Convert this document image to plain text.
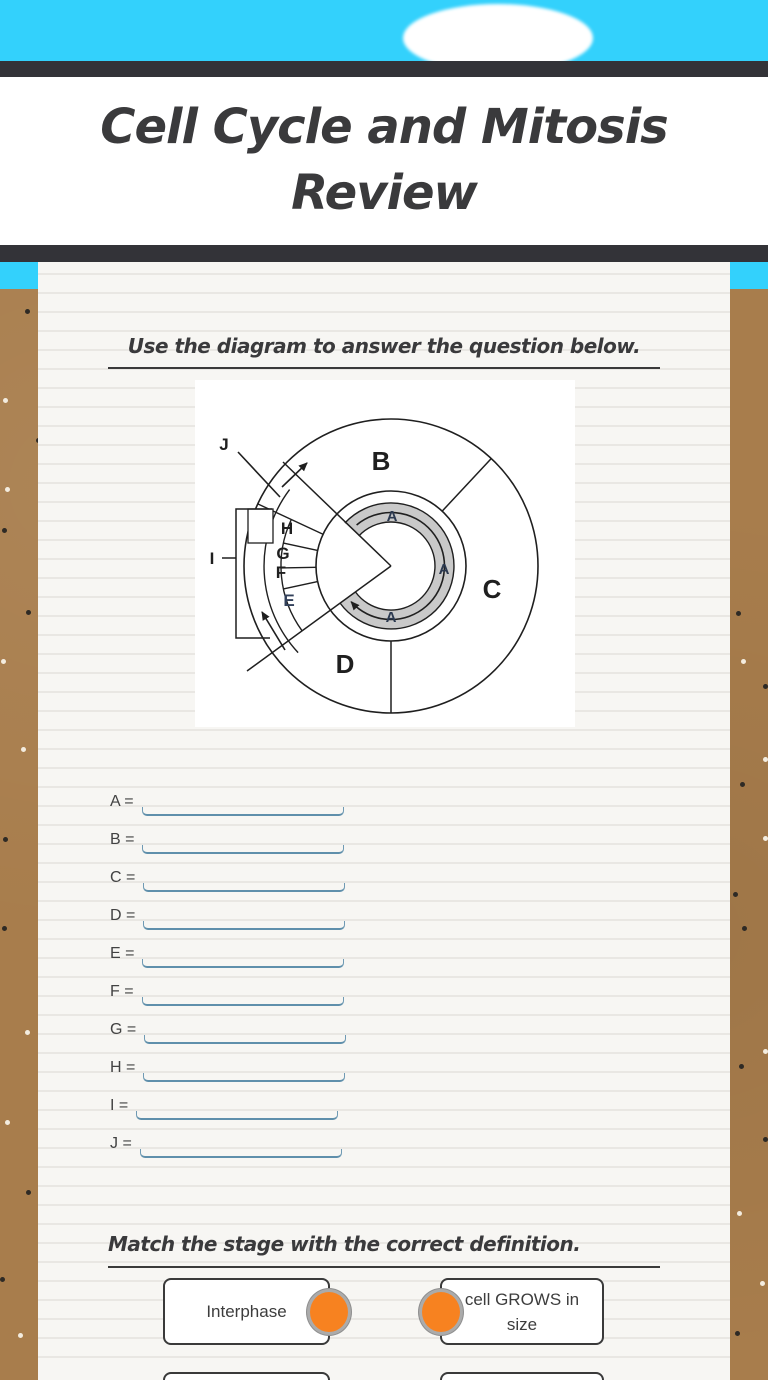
Cell Cycle and Mitosis
Review
Use the diagram to answer the question below.
B
C
D
A
A
A
H
G
F
E
I
J
A =
B =
C =
D =
E =
F =
G =
H =
I =
J =
Match the stage with the correct definition.
Interphase
cell GROWS in size
